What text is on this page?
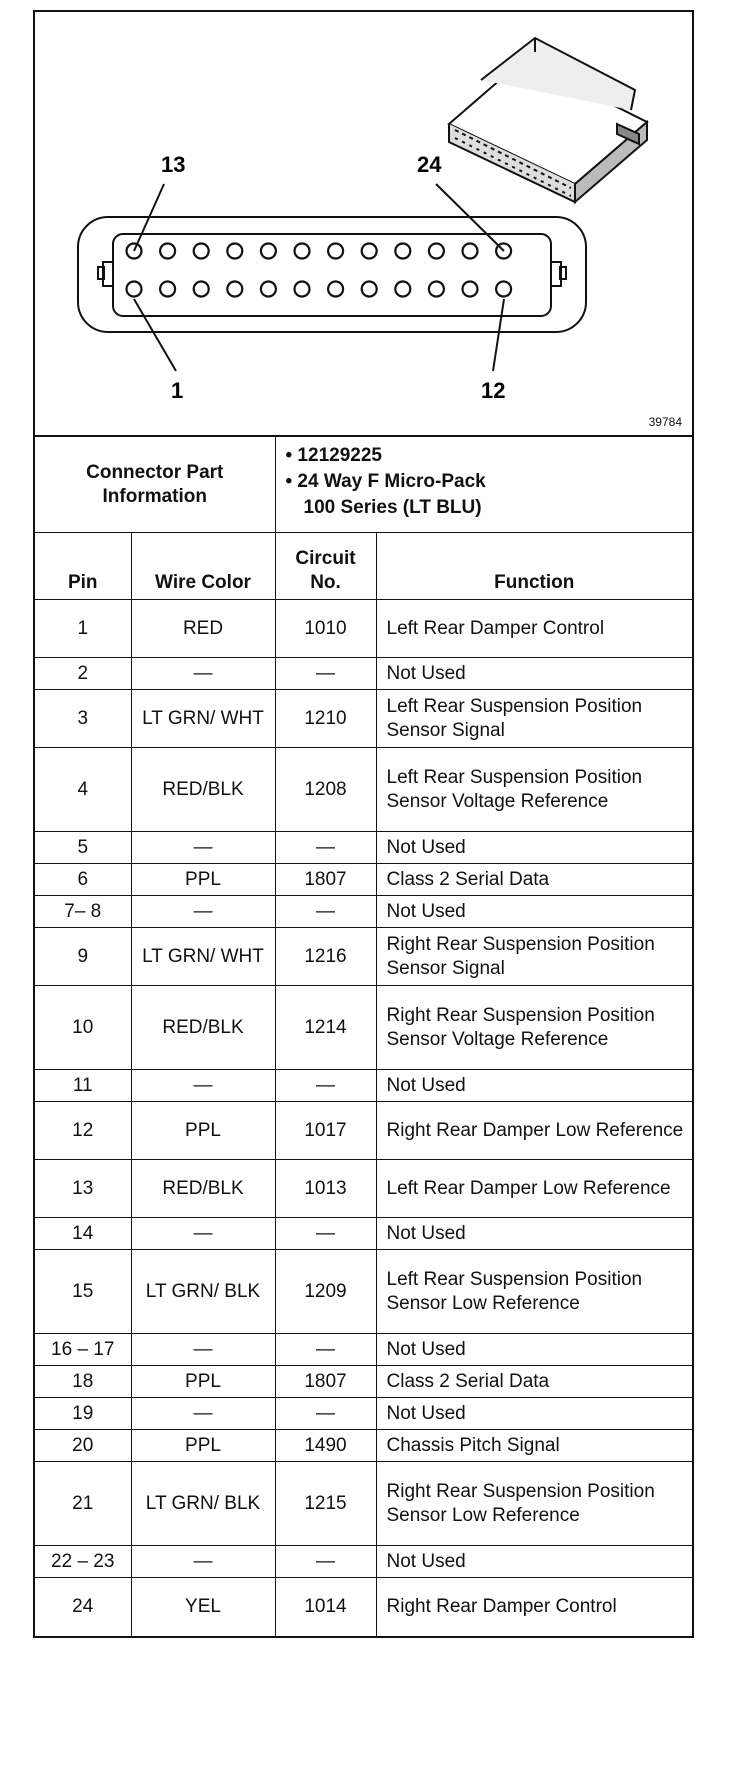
13	24
1	12
39784
Connector Part Information	
• 12129225
• 24 Way F Micro-Pack
100 Series (LT BLU)
Pin	Wire Color	Circuit No.	Function
1	RED	1010	Left Rear Damper Control
2	—	—	Not Used
3	LT GRN/ WHT	1210	Left Rear Suspension Position Sensor Signal
4	RED/BLK	1208	Left Rear Suspension Position Sensor Voltage Reference
5	—	—	Not Used
6	PPL	1807	Class 2 Serial Data
7– 8	—	—	Not Used
9	LT GRN/ WHT	1216	Right Rear Suspension Position Sensor Signal
10	RED/BLK	1214	Right Rear Suspension Position Sensor Voltage Reference
11	—	—	Not Used
12	PPL	1017	Right Rear Damper Low Reference
13	RED/BLK	1013	Left Rear Damper Low Reference
14	—	—	Not Used
15	LT GRN/ BLK	1209	Left Rear Suspension Position Sensor Low Reference
16 – 17	—	—	Not Used
18	PPL	1807	Class 2 Serial Data
19	—	—	Not Used
20	PPL	1490	Chassis Pitch Signal
21	LT GRN/ BLK	1215	Right Rear Suspension Position Sensor Low Reference
22 – 23	—	—	Not Used
24	YEL	1014	Right Rear Damper Control
